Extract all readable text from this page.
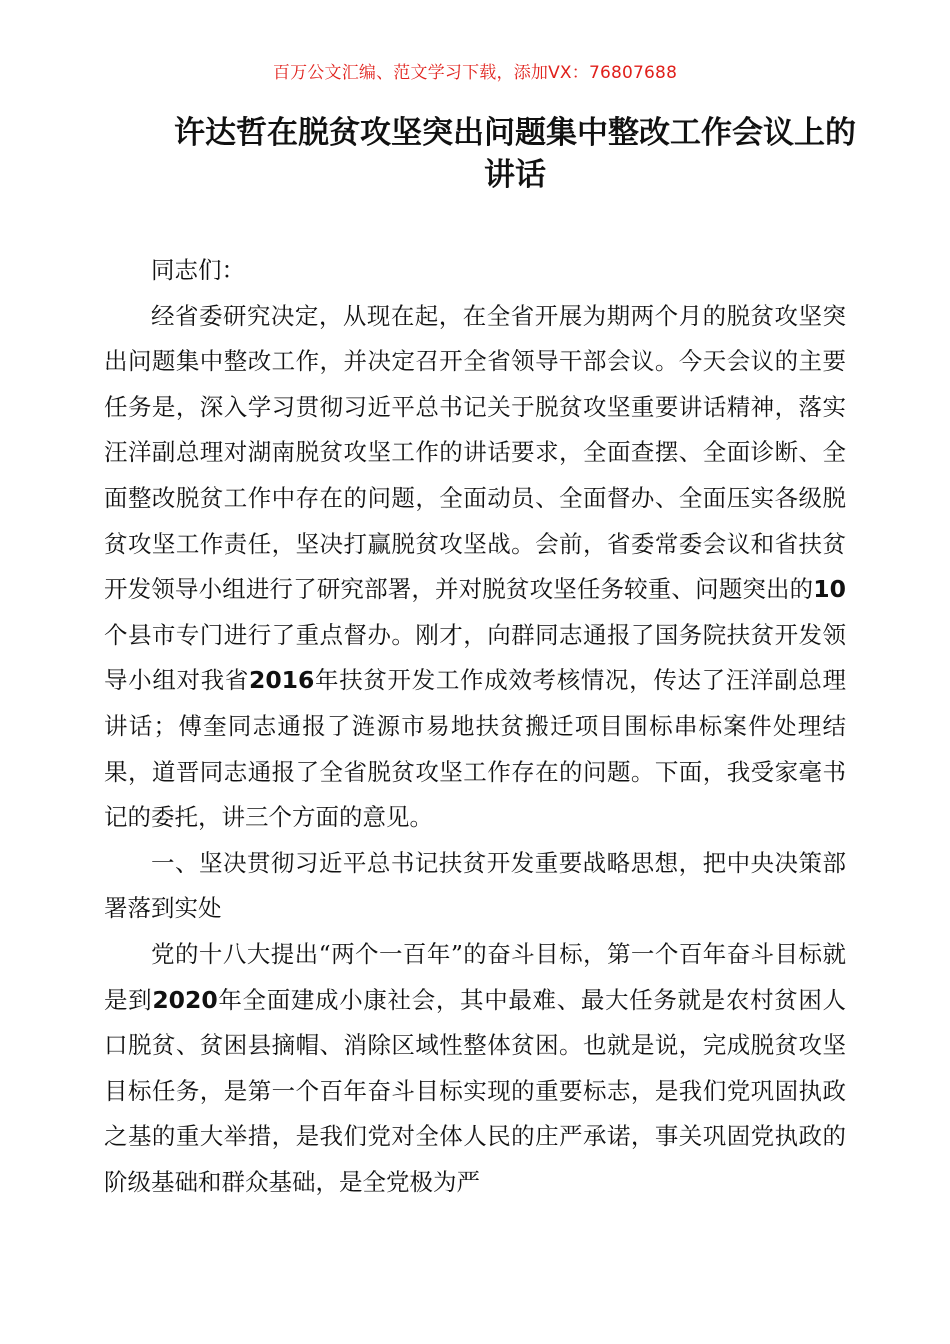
百万公文汇编、范文学习下载，添加VX：76807688
许达哲在脱贫攻坚突出问题集中整改工作会议上的讲话

同志们：

经省委研究决定，从现在起，在全省开展为期两个月的脱贫攻坚突出问题集中整改工作，并决定召开全省领导干部会议。今天会议的主要任务是，深入学习贯彻习近平总书记关于脱贫攻坚重要讲话精神，落实汪洋副总理对湖南脱贫攻坚工作的讲话要求，全面查摆、全面诊断、全面整改脱贫工作中存在的问题，全面动员、全面督办、全面压实各级脱贫攻坚工作责任，坚决打赢脱贫攻坚战。会前，省委常委会议和省扶贫开发领导小组进行了研究部署，并对脱贫攻坚任务较重、问题突出的10个县市专门进行了重点督办。刚才，向群同志通报了国务院扶贫开发领导小组对我省2016年扶贫开发工作成效考核情况，传达了汪洋副总理讲话；傅奎同志通报了涟源市易地扶贫搬迁项目围标串标案件处理结果，道晋同志通报了全省脱贫攻坚工作存在的问题。下面，我受家毫书记的委托，讲三个方面的意见。

一、坚决贯彻习近平总书记扶贫开发重要战略思想，把中央决策部署落到实处

党的十八大提出“两个一百年”的奋斗目标，第一个百年奋斗目标就是到2020年全面建成小康社会，其中最难、最大任务就是农村贫困人口脱贫、贫困县摘帽、消除区域性整体贫困。也就是说，完成脱贫攻坚目标任务，是第一个百年奋斗目标实现的重要标志，是我们党巩固执政之基的重大举措，是我们党对全体人民的庄严承诺，事关巩固党执政的阶级基础和群众基础，是全党极为严
